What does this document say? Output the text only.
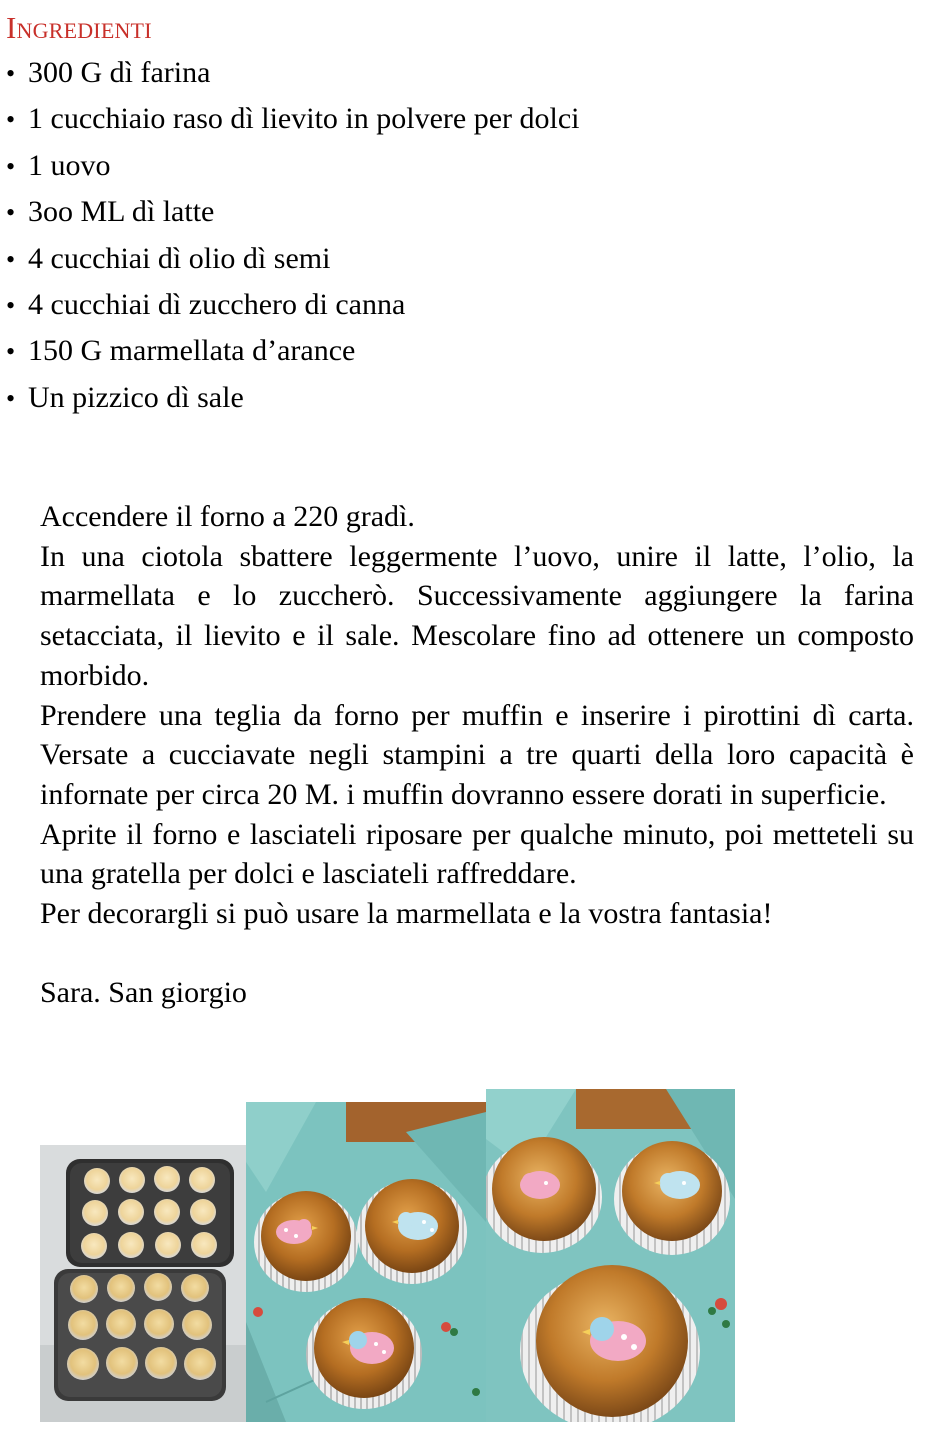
Ingredienti
• 300 G dì farina
• 1 cucchiaio raso dì lievito in polvere per dolci
• 1 uovo
• 3oo ML dì latte
• 4 cucchiai dì olio dì semi
• 4 cucchiai dì zucchero di canna
• 150 G marmellata d’arance
• Un pizzico dì sale

Accendere il forno a 220 gradì.

In una ciotola sbattere leggermente l’uovo, unire il latte, l’olio, la marmellata e lo zuccherò. Successivamente aggiungere la farina setacciata, il lievito e il sale. Mescolare fino ad ottenere un composto morbido.

Prendere una teglia da forno per muffin e inserire i pirottini dì carta. Versate a cucciavate negli stampini a tre quarti della loro capacità è infornate per circa 20 M. i muffin dovranno essere dorati in superficie.

Aprite il forno e lasciateli riposare per qualche minuto, poi metteteli su una gratella per dolci e lasciateli raffreddare.

Per decorargli si può usare la marmellata e la vostra fantasia!

Sara. San giorgio
